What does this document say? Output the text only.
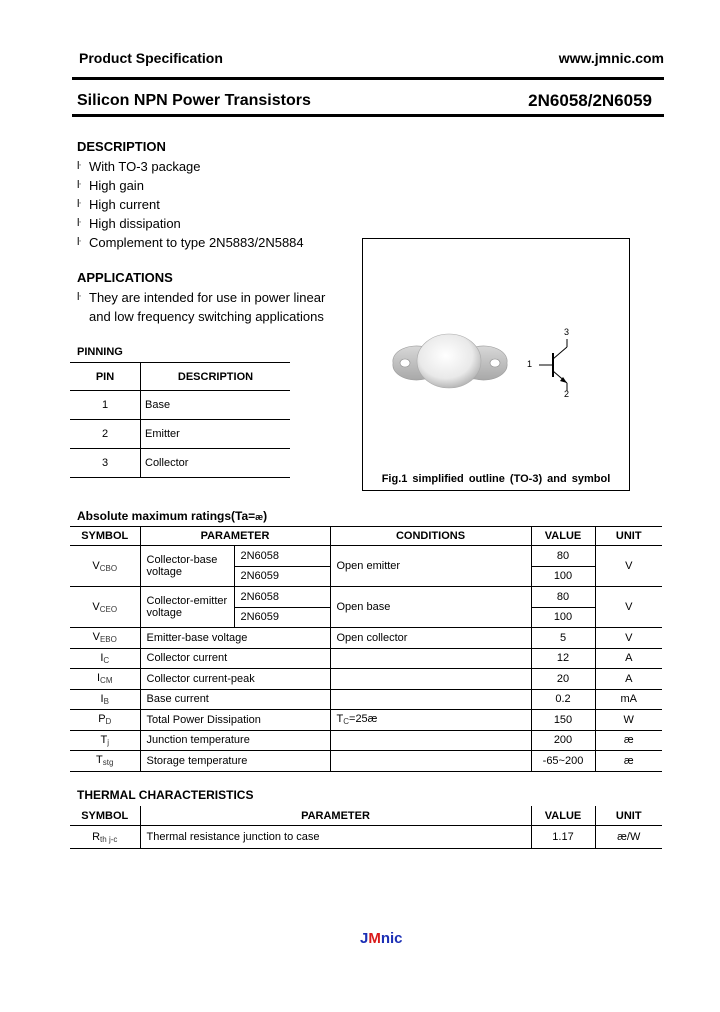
Product Specification	www.jmnic.com
Silicon NPN Power Transistors	2N6058/2N6059
DESCRIPTION
ŀ With TO-3 package
ŀ High gain
ŀ High current
ŀ High dissipation
ŀ Complement to type 2N5883/2N5884
APPLICATIONS
ŀ They are intended for use in power linear
and low frequency switching applications
PINNING
PIN	DESCRIPTION
1	Base
2	Emitter
3	Collector
3
1
2
Fig.1 simplified outline (TO-3) and symbol
Absolute maximum ratings(Ta=æ)
SYMBOL	PARAMETER		CONDITIONS	VALUE	UNIT
VCBO	Collector-base voltage	2N6058	Open emitter	80	V
		2N6059		100	
VCEO	Collector-emitter voltage	2N6058	Open base	80	V
		2N6059		100	
VEBO	Emitter-base voltage		Open collector	5	V
IC	Collector current			12	A
ICM	Collector current-peak			20	A
IB	Base current			0.2	mA
PD	Total Power Dissipation		TC=25æ	150	W
Tj	Junction temperature			200	æ
Tstg	Storage temperature			-65~200	æ
THERMAL CHARACTERISTICS
SYMBOL	PARAMETER	VALUE	UNIT
Rth j-c	Thermal resistance junction to case	1.17	æ/W
JMnic
